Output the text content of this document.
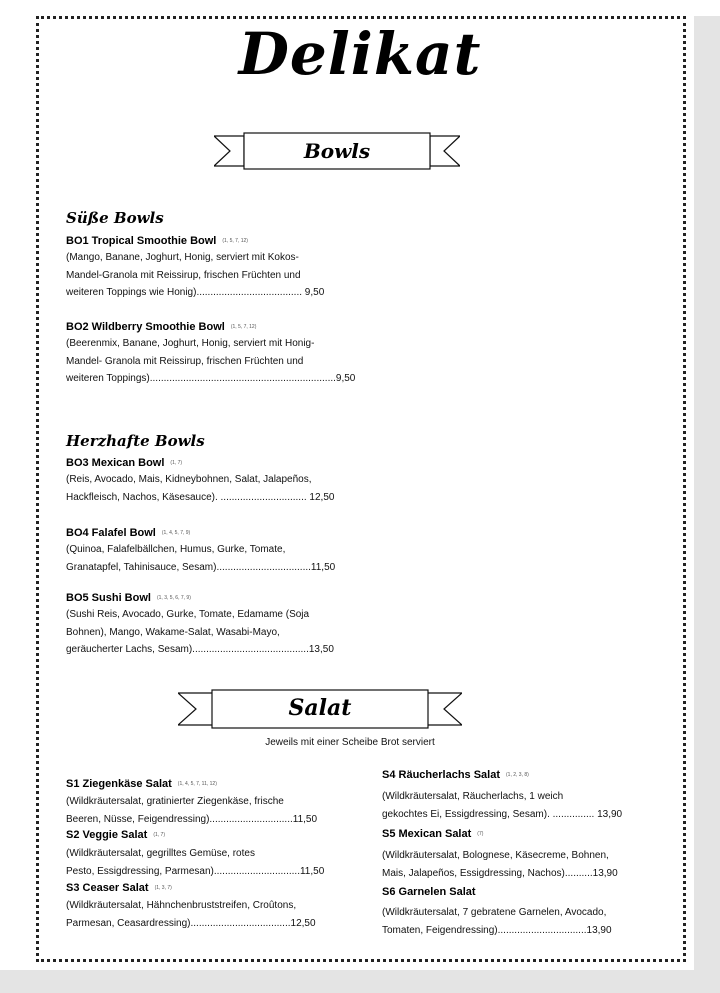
Delikat
Bowls
Süße Bowls
BO1 Tropical Smoothie Bowl (1, 5, 7, 12)
(Mango, Banane, Joghurt, Honig, serviert mit Kokos-
Mandel-Granola mit Reissirup, frischen Früchten und
weiteren Toppings wie Honig)...................................... 9,50
BO2 Wildberry Smoothie Bowl (1, 5, 7, 12)
(Beerenmix, Banane, Joghurt, Honig, serviert mit Honig-
Mandel- Granola mit Reissirup, frischen Früchten und
weiteren Toppings)...................................................................9,50
Herzhafte Bowls
BO3 Mexican Bowl (1, 7)
(Reis, Avocado, Mais, Kidneybohnen, Salat, Jalapeños,
Hackfleisch, Nachos, Käsesauce). ............................... 12,50
BO4 Falafel Bowl (1, 4, 5, 7, 9)
(Quinoa, Falafelbällchen, Humus, Gurke, Tomate,
Granatapfel, Tahinisauce, Sesam)..................................11,50
BO5 Sushi Bowl (1, 3, 5, 6, 7, 9)
(Sushi Reis, Avocado, Gurke, Tomate, Edamame (Soja
Bohnen), Mango, Wakame-Salat, Wasabi-Mayo,
geräucherter Lachs, Sesam)..........................................13,50
Salat
Jeweils mit einer Scheibe Brot serviert
S1 Ziegenkäse Salat (1, 4, 5, 7, 11, 12)
(Wildkräutersalat, gratinierter Ziegenkäse, frische
Beeren, Nüsse, Feigendressing)..............................11,50
S2 Veggie Salat (1, 7)
(Wildkräutersalat, gegrilltes Gemüse, rotes
Pesto, Essigdressing, Parmesan)...............................11,50
S3 Ceaser Salat (1, 3, 7)
(Wildkräutersalat, Hähnchenbruststreifen, Croûtons,
Parmesan, Ceasardressing)....................................12,50
S4 Räucherlachs Salat (1, 2, 3, 8)
(Wildkräutersalat, Räucherlachs, 1 weich
gekochtes Ei, Essigdressing, Sesam). ............... 13,90
S5 Mexican Salat (7)
(Wildkräutersalat, Bolognese, Käsecreme, Bohnen,
Mais, Jalapeños, Essigdressing, Nachos)..........13,90
S6 Garnelen Salat
(Wildkräutersalat, 7 gebratene Garnelen, Avocado,
Tomaten, Feigendressing)................................13,90
